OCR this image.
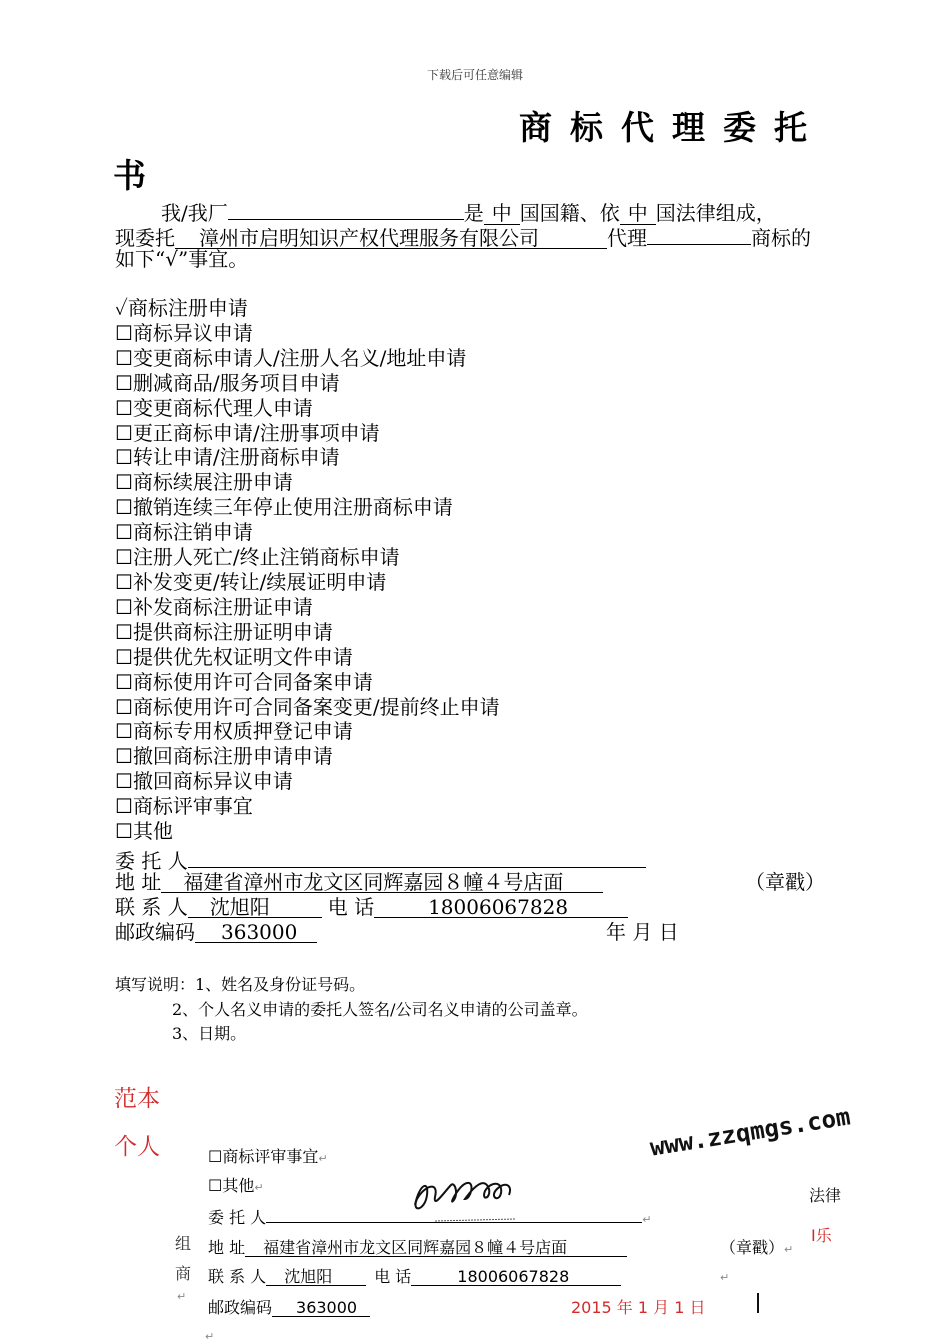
下载后可任意编辑
商标代理委托
书
我/我厂	是 中 国国籍、依 中 国法律组成，
现委托 漳州市启明知识产权代理服务有限公司	代理	商标的
如下“√”事宜。
✓商标注册申请
☐商标异议申请
☐变更商标申请人/注册人名义/地址申请
☐删减商品/服务项目申请
☐变更商标代理人申请
☐更正商标申请/注册事项申请
☐转让申请/注册商标申请
☐商标续展注册申请
☐撤销连续三年停止使用注册商标申请
☐商标注销申请
☐注册人死亡/终止注销商标申请
☐补发变更/转让/续展证明申请
☐补发商标注册证申请
☐提供商标注册证明申请
☐提供优先权证明文件申请
☐商标使用许可合同备案申请
☐商标使用许可合同备案变更/提前终止申请
☐商标专用权质押登记申请
☐撤回商标注册申请申请
☐撤回商标异议申请
☐商标评审事宜
☐其他
委 托 人
地 址 福建省漳州市龙文区同辉嘉园８幢４号店面	（章戳）
联 系 人 沈旭阳	电 话	18006067828
邮政编码 363000	年 月 日
填写说明：1、姓名及身份证号码。
2、个人名义申请的委托人签名/公司名义申请的公司盖章。
3、日期。
范本
个人	☐商标评审事宜↵
☐其他↵
委 托 人	↵
地 址 福建省漳州市龙文区同辉嘉园８幢４号店面	（章戳）↵
联 系 人 沈旭阳	电 话	18006067828	↵
邮政编码 363000	2015 年 1 月 1 日
组
商
法律
I乐
↵
↵
www.zzqmgs.com
